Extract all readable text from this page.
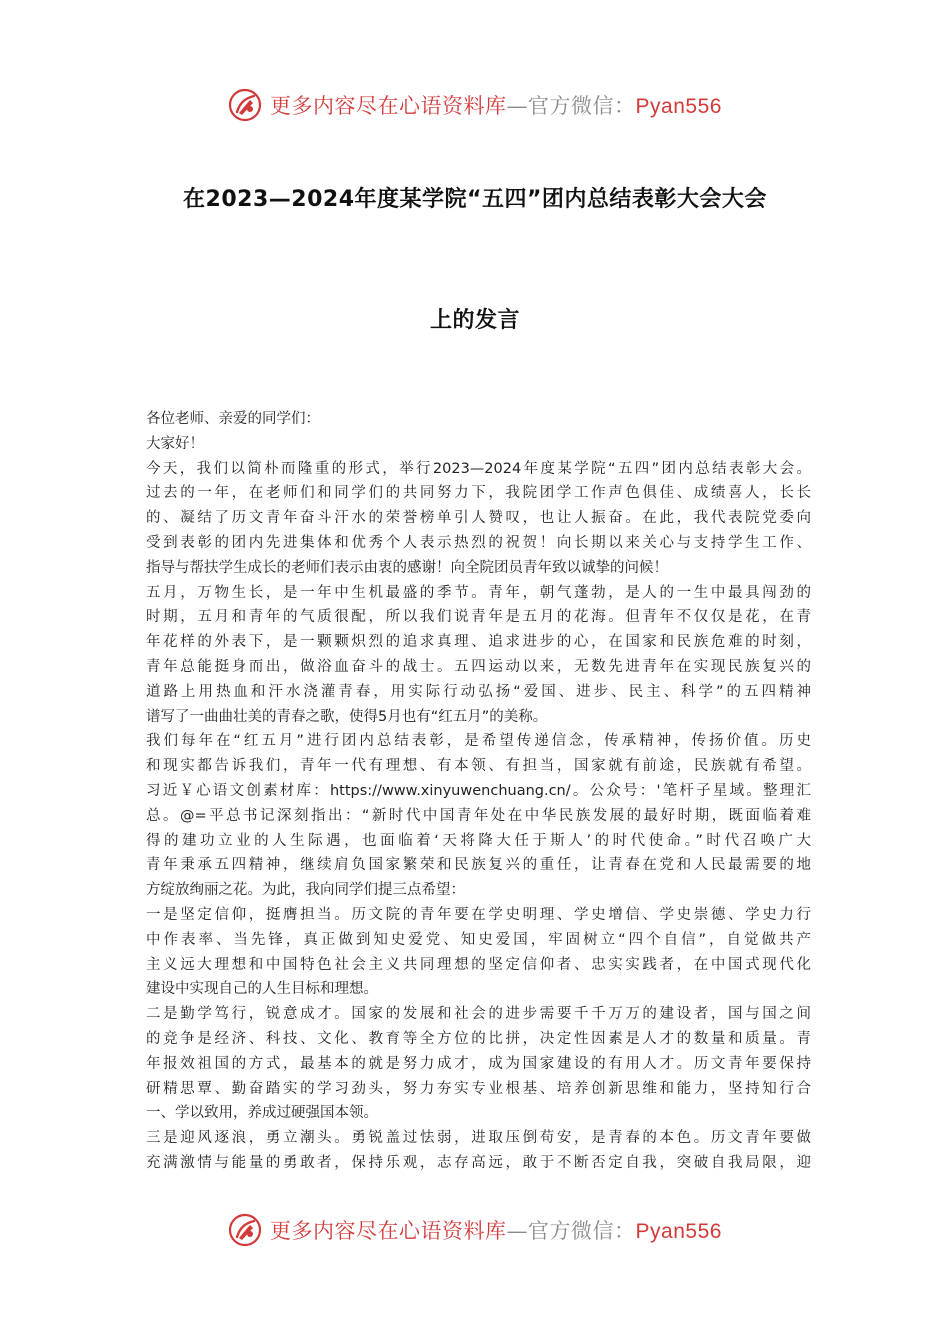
更多内容尽在心语资料库—官方微信：Pyan556
在2023—2024年度某学院“五四”团内总结表彰大会大会
上的发言
各位老师、亲爱的同学们：
大家好！
今天，我们以简朴而隆重的形式，举行2023—2024年度某学院“五四”团内总结表彰大会。
过去的一年，在老师们和同学们的共同努力下，我院团学工作声色俱佳、成绩喜人，长长
的、凝结了历文青年奋斗汗水的荣誉榜单引人赞叹，也让人振奋。在此，我代表院党委向
受到表彰的团内先进集体和优秀个人表示热烈的祝贺！向长期以来关心与支持学生工作、
指导与帮扶学生成长的老师们表示由衷的感谢！向全院团员青年致以诚挚的问候！
五月，万物生长，是一年中生机最盛的季节。青年，朝气蓬勃，是人的一生中最具闯劲的
时期，五月和青年的气质很配，所以我们说青年是五月的花海。但青年不仅仅是花，在青
年花样的外表下，是一颗颗炽烈的追求真理、追求进步的心，在国家和民族危难的时刻，
青年总能挺身而出，做浴血奋斗的战士。五四运动以来，无数先进青年在实现民族复兴的
道路上用热血和汗水浇灌青春，用实际行动弘扬“爱国、进步、民主、科学”的五四精神
谱写了一曲曲壮美的青春之歌，使得5月也有“红五月”的美称。
我们每年在“红五月”进行团内总结表彰，是希望传递信念，传承精神，传扬价值。历史
和现实都告诉我们，青年一代有理想、有本领、有担当，国家就有前途，民族就有希望。
习近￥心语文创素材库：https://www.xinyuwenchuang.cn/。公众号：'笔杆子星域。整理汇
总。@=平总书记深刻指出：“新时代中国青年处在中华民族发展的最好时期，既面临着难
得的建功立业的人生际遇，也面临着‘天将降大任于斯人’的时代使命。”时代召唤广大
青年秉承五四精神，继续肩负国家繁荣和民族复兴的重任，让青春在党和人民最需要的地
方绽放绚丽之花。为此，我向同学们提三点希望：
一是坚定信仰，挺膺担当。历文院的青年要在学史明理、学史增信、学史崇德、学史力行
中作表率、当先锋，真正做到知史爱党、知史爱国，牢固树立“四个自信”，自觉做共产
主义远大理想和中国特色社会主义共同理想的坚定信仰者、忠实实践者，在中国式现代化
建设中实现自己的人生目标和理想。
二是勤学笃行，锐意成才。国家的发展和社会的进步需要千千万万的建设者，国与国之间
的竞争是经济、科技、文化、教育等全方位的比拼，决定性因素是人才的数量和质量。青
年报效祖国的方式，最基本的就是努力成才，成为国家建设的有用人才。历文青年要保持
研精思覃、勤奋踏实的学习劲头，努力夯实专业根基、培养创新思维和能力，坚持知行合
一、学以致用，养成过硬强国本领。
三是迎风逐浪，勇立潮头。勇锐盖过怯弱，进取压倒苟安，是青春的本色。历文青年要做
充满激情与能量的勇敢者，保持乐观，志存高远，敢于不断否定自我，突破自我局限，迎
更多内容尽在心语资料库—官方微信：Pyan556
